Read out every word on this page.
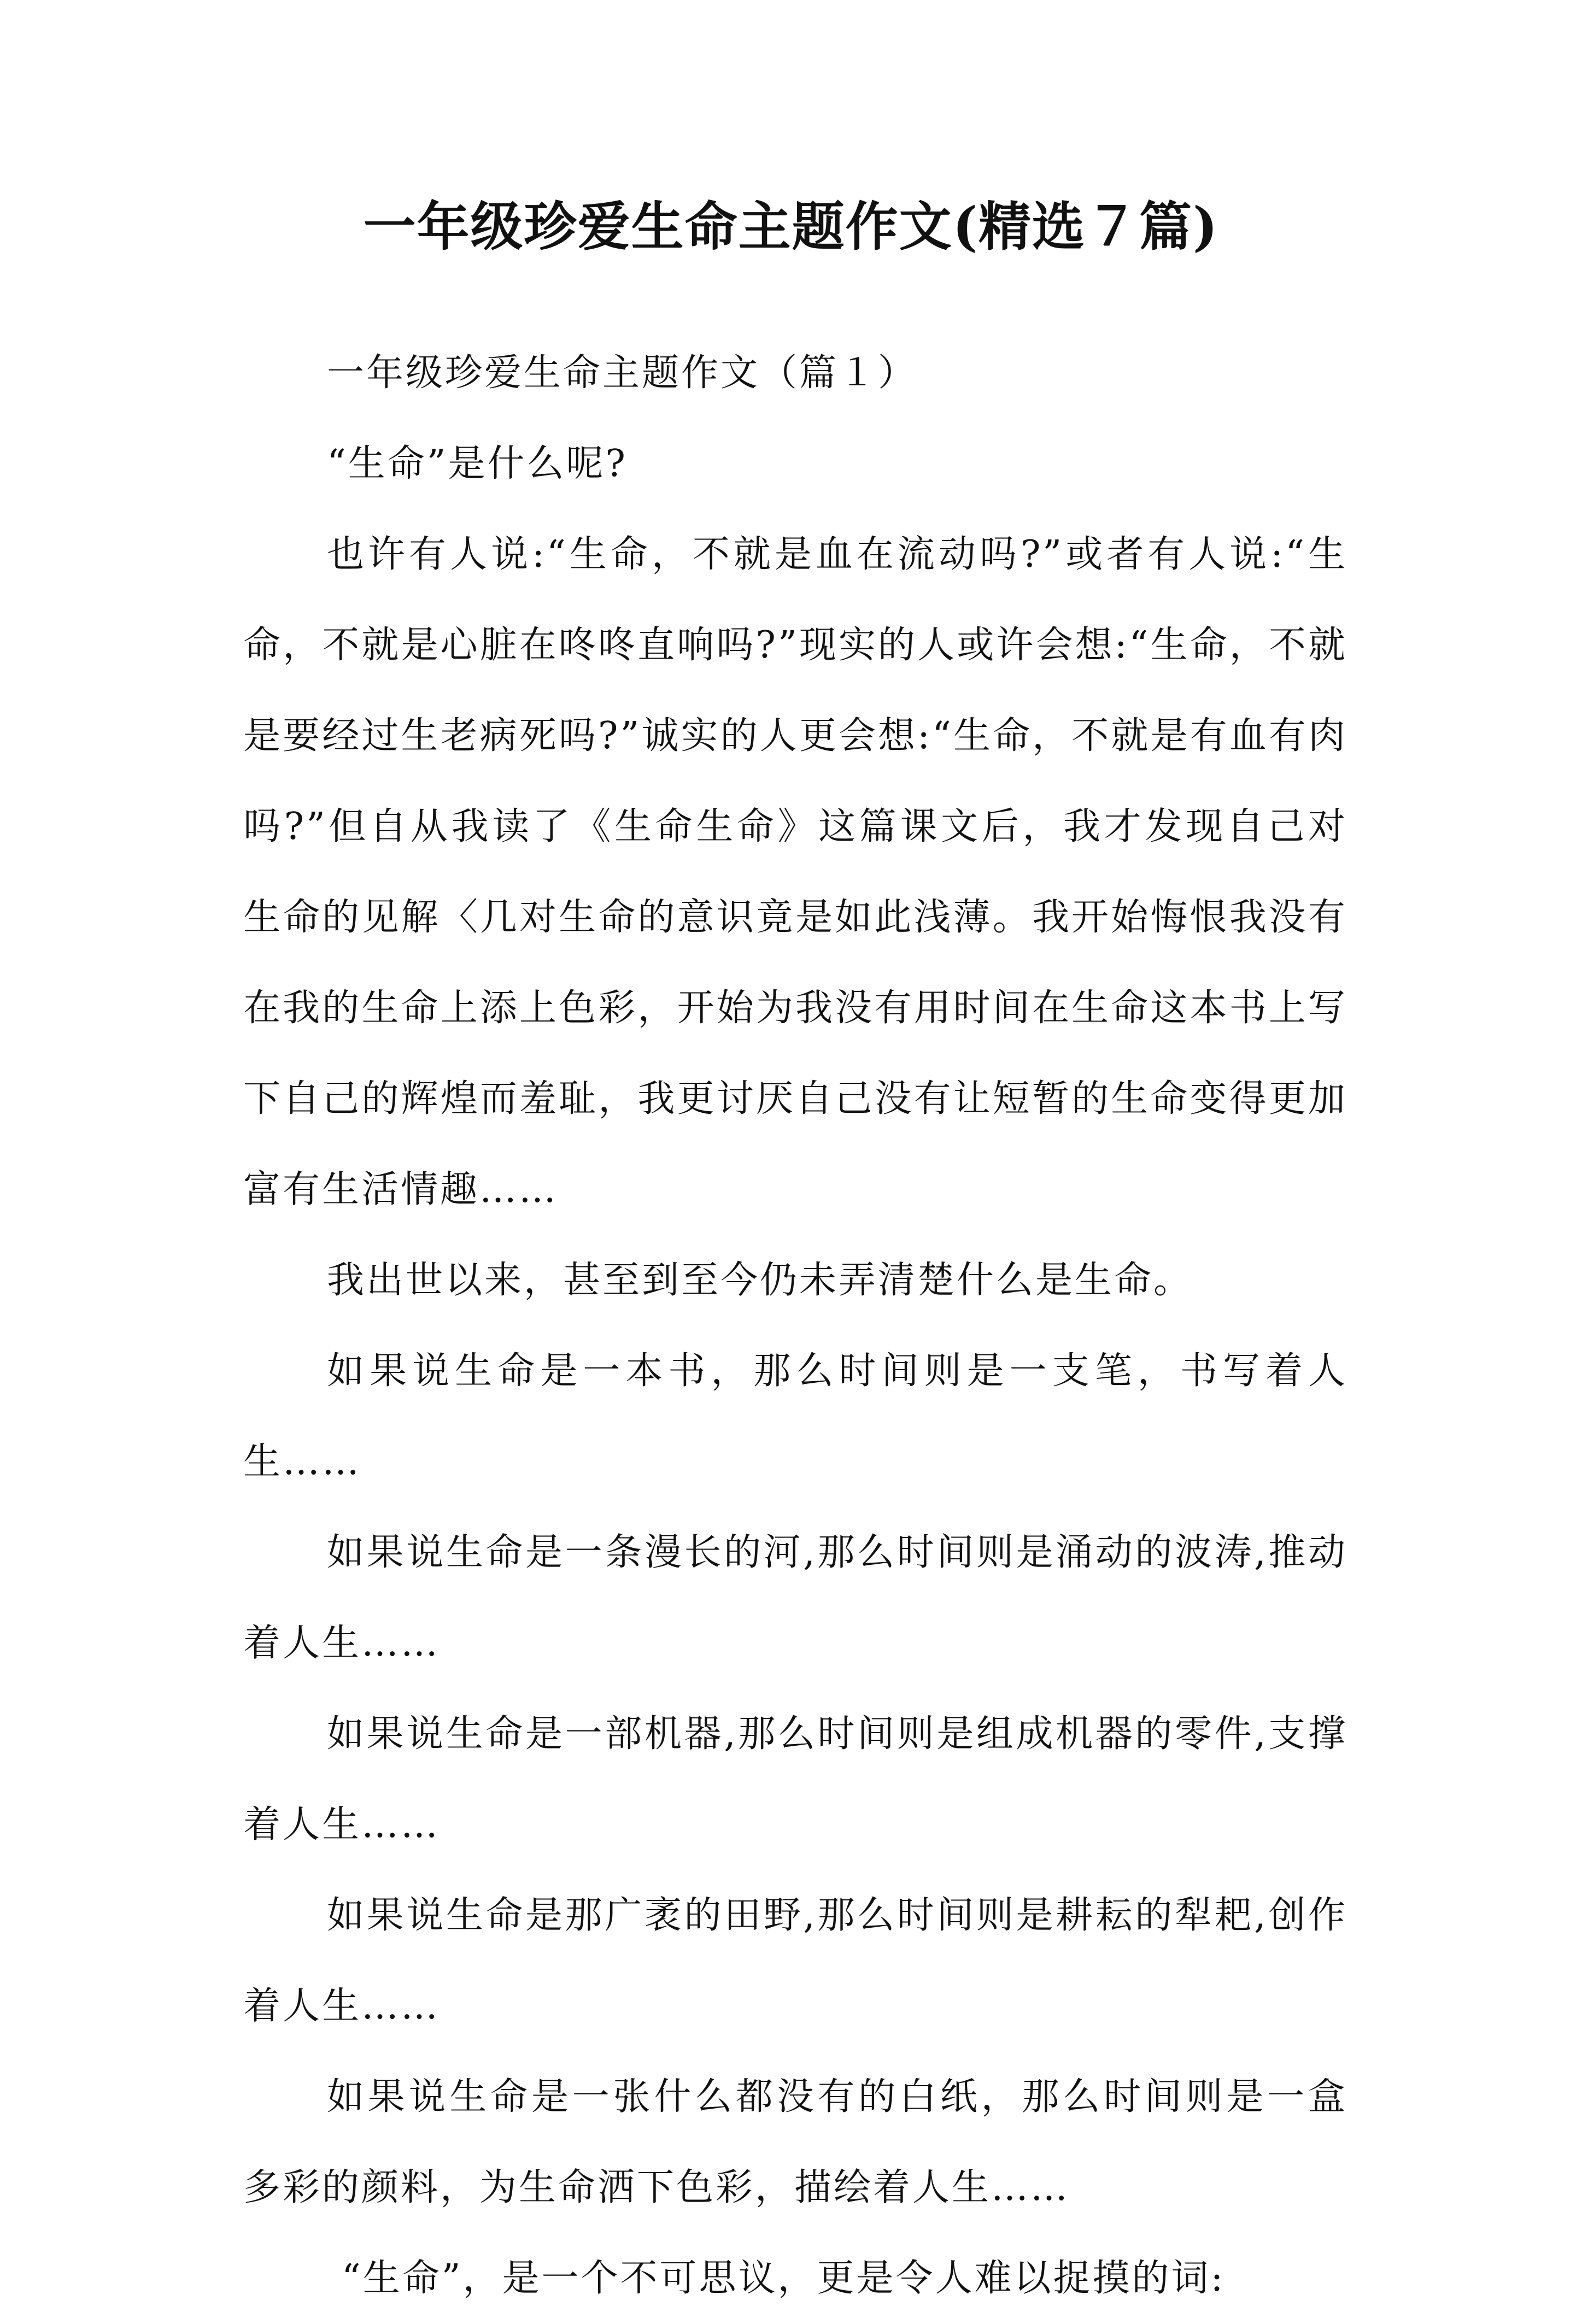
一年级珍爱生命主题作文(精选７篇)

一年级珍爱生命主题作文（篇１）

“生命”是什么呢?

也许有人说:“生命，不就是血在流动吗?”或者有人说:“生命，不就是心脏在咚咚直响吗?”现实的人或许会想:“生命，不就是要经过生老病死吗?”诚实的人更会想:“生命，不就是有血有肉吗?”但自从我读了《生命生命》这篇课文后，我才发现自己对生命的见解〈几对生命的意识竟是如此浅薄。我开始悔恨我没有在我的生命上添上色彩，开始为我没有用时间在生命这本书上写下自己的辉煌而羞耻，我更讨厌自己没有让短暂的生命变得更加富有生活情趣……

我出世以来，甚至到至今仍未弄清楚什么是生命。

如果说生命是一本书，那么时间则是一支笔，书写着人生……

如果说生命是一条漫长的河,那么时间则是涌动的波涛,推动着人生……

如果说生命是一部机器,那么时间则是组成机器的零件,支撑着人生……

如果说生命是那广袤的田野,那么时间则是耕耘的犁耙,创作着人生……

如果说生命是一张什么都没有的白纸，那么时间则是一盒多彩的颜料，为生命洒下色彩，描绘着人生……

“生命”，是一个不可思议，更是令人难以捉摸的词:
